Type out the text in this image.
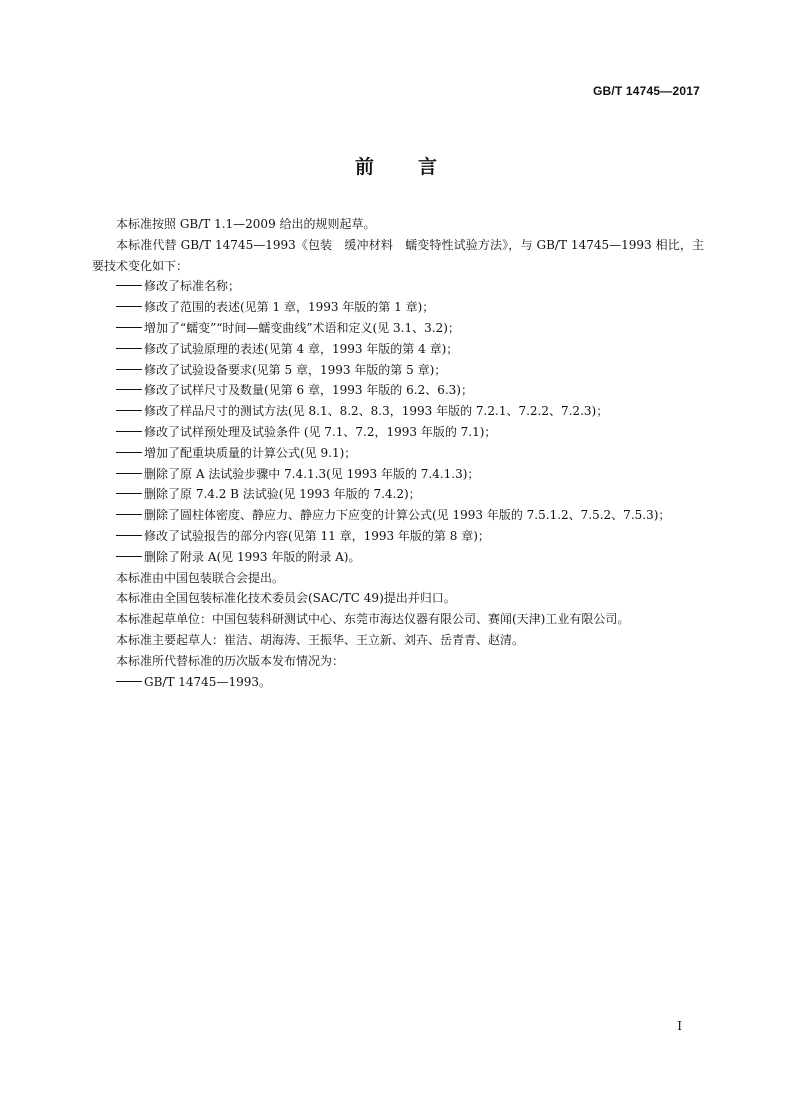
GB/T 14745—2017
前言

本标准按照 GB/T 1.1—2009 给出的规则起草。

本标准代替 GB/T 14745—1993《包装　缓冲材料　蠕变特性试验方法》，与 GB/T 14745—1993 相比，主要技术变化如下：

修改了标准名称；

修改了范围的表述(见第 1 章，1993 年版的第 1 章)；

增加了“蠕变”“时间—蠕变曲线”术语和定义(见 3.1、3.2)；

修改了试验原理的表述(见第 4 章，1993 年版的第 4 章)；

修改了试验设备要求(见第 5 章，1993 年版的第 5 章)；

修改了试样尺寸及数量(见第 6 章，1993 年版的 6.2、6.3)；

修改了样品尺寸的测试方法(见 8.1、8.2、8.3，1993 年版的 7.2.1、7.2.2、7.2.3)；

修改了试样预处理及试验条件 (见 7.1、7.2，1993 年版的 7.1)；

增加了配重块质量的计算公式(见 9.1)；

删除了原 A 法试验步骤中 7.4.1.3(见 1993 年版的 7.4.1.3)；

删除了原 7.4.2 B 法试验(见 1993 年版的 7.4.2)；

删除了圆柱体密度、静应力、静应力下应变的计算公式(见 1993 年版的 7.5.1.2、7.5.2、7.5.3)；

修改了试验报告的部分内容(见第 11 章，1993 年版的第 8 章)；

删除了附录 A(见 1993 年版的附录 A)。

本标准由中国包装联合会提出。

本标准由全国包装标准化技术委员会(SAC/TC 49)提出并归口。

本标准起草单位：中国包装科研测试中心、东莞市海达仪器有限公司、赛闻(天津)工业有限公司。

本标准主要起草人：崔洁、胡海涛、王振华、王立新、刘卉、岳青青、赵清。

本标准所代替标准的历次版本发布情况为：

GB/T 14745—1993。

Ⅰ
